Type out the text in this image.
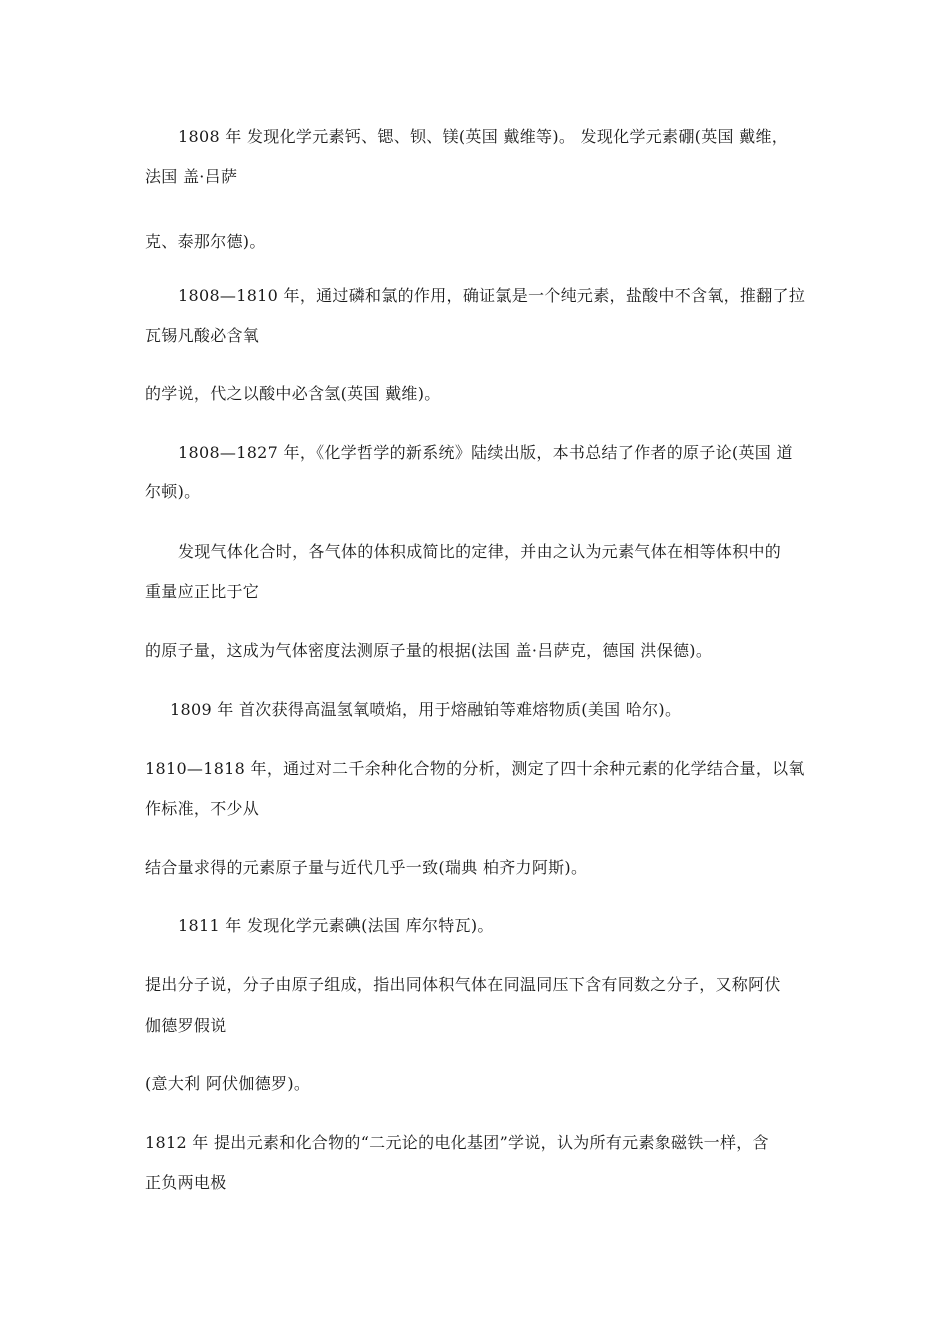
1808 年 发现化学元素钙、锶、钡、镁(英国 戴维等)。 发现化学元素硼(英国 戴维，
法国 盖·吕萨
克、泰那尔德)。
1808—1810 年，通过磷和氯的作用，确证氯是一个纯元素，盐酸中不含氧，推翻了拉
瓦锡凡酸必含氧
的学说，代之以酸中必含氢(英国 戴维)。
1808—1827 年，《化学哲学的新系统》陆续出版，本书总结了作者的原子论(英国 道
尔顿)。
发现气体化合时，各气体的体积成简比的定律，并由之认为元素气体在相等体积中的
重量应正比于它
的原子量，这成为气体密度法测原子量的根据(法国 盖·吕萨克，德国 洪保德)。
1809 年 首次获得高温氢氧喷焰，用于熔融铂等难熔物质(美国 哈尔)。
1810—1818 年，通过对二千余种化合物的分析，测定了四十余种元素的化学结合量，以氧
作标准，不少从
结合量求得的元素原子量与近代几乎一致(瑞典 柏齐力阿斯)。
1811 年 发现化学元素碘(法国 库尔特瓦)。
提出分子说，分子由原子组成，指出同体积气体在同温同压下含有同数之分子，又称阿伏
伽德罗假说
(意大利 阿伏伽德罗)。
1812 年 提出元素和化合物的“二元论的电化基团”学说，认为所有元素象磁铁一样，含
正负两电极
